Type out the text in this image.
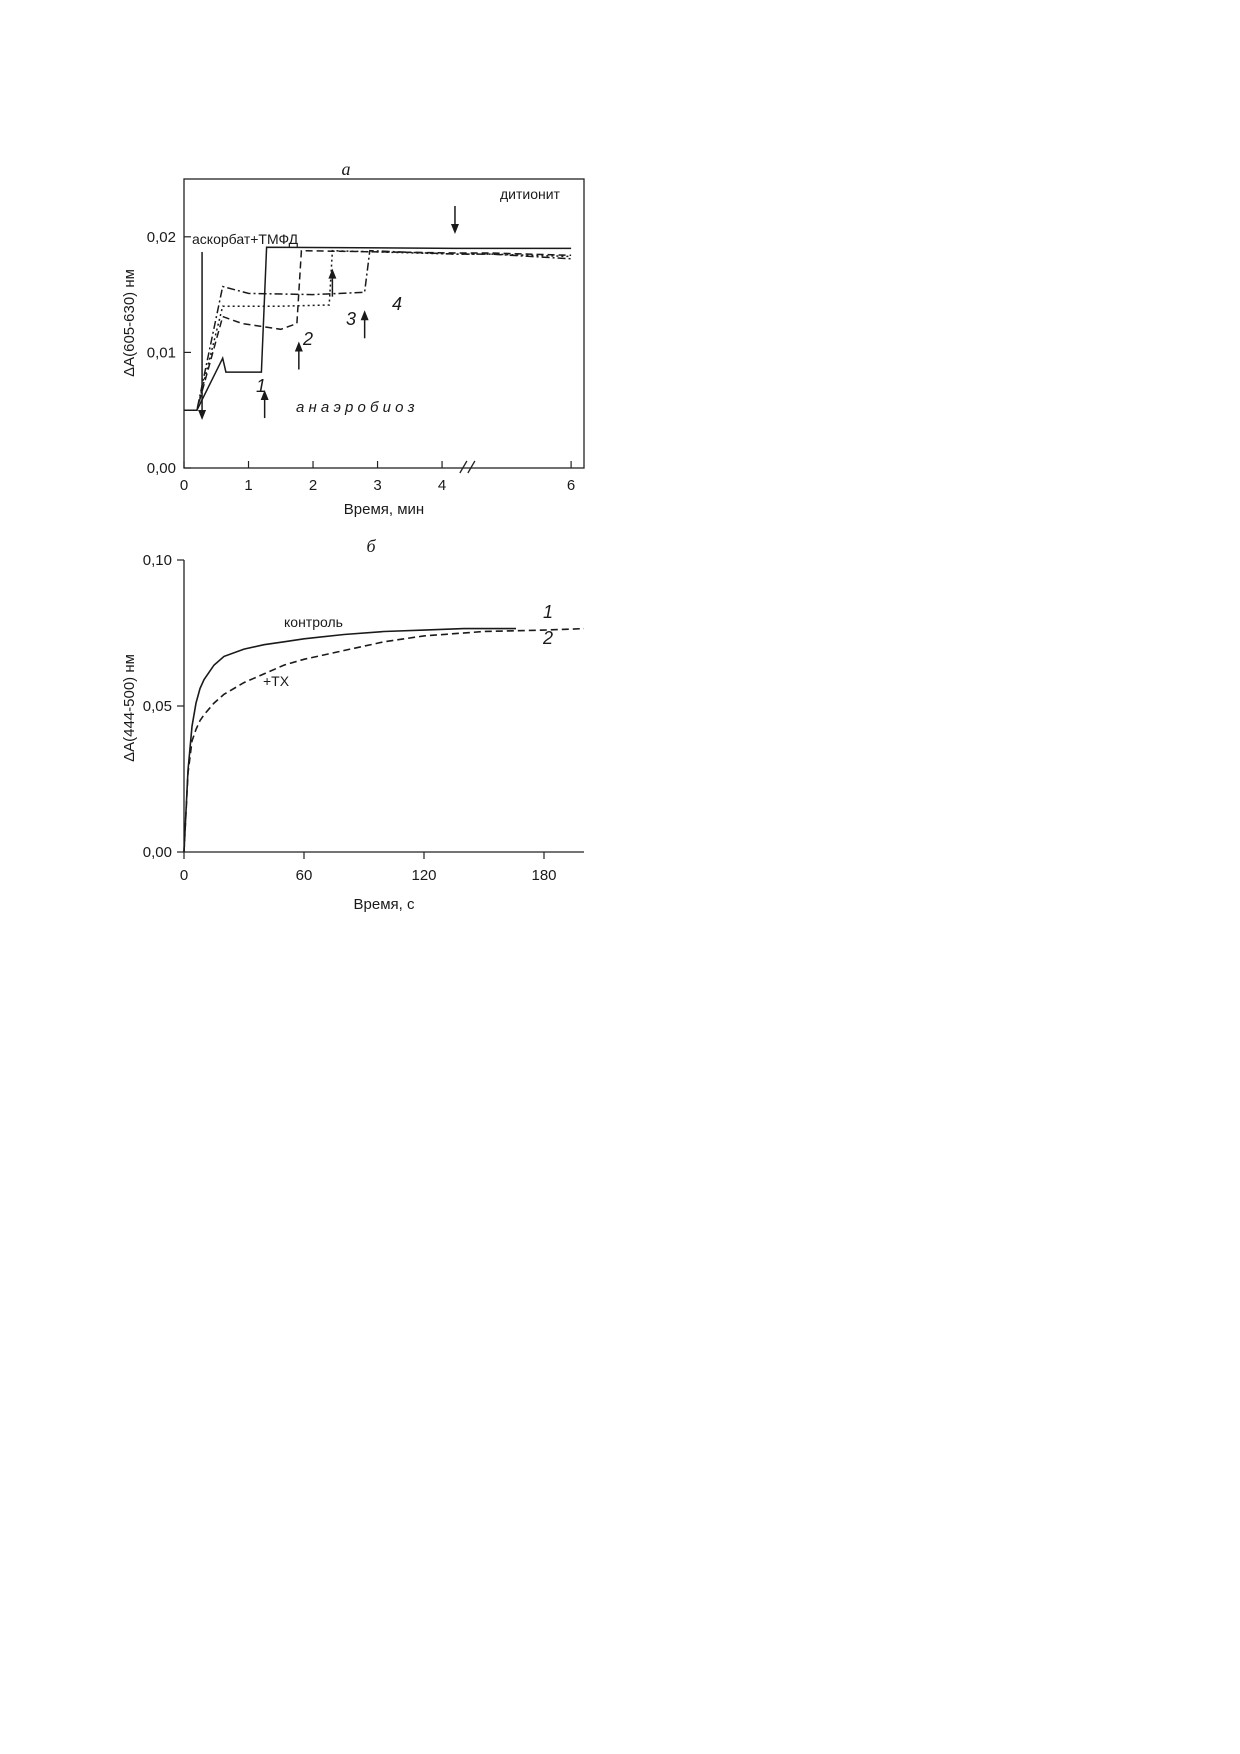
а
0	1	2	3	4	6
0,00
0,01
0,02 аскорбат+ТМФД
дитионит
а н а э р о б и о з
1
2
3
4
Время, мин
ΔA(605-630) нм
б
0	60	120	180
0,00
0,05
0,10
контроль
+TX
1
2
Время, с
ΔA(444-500) нм
